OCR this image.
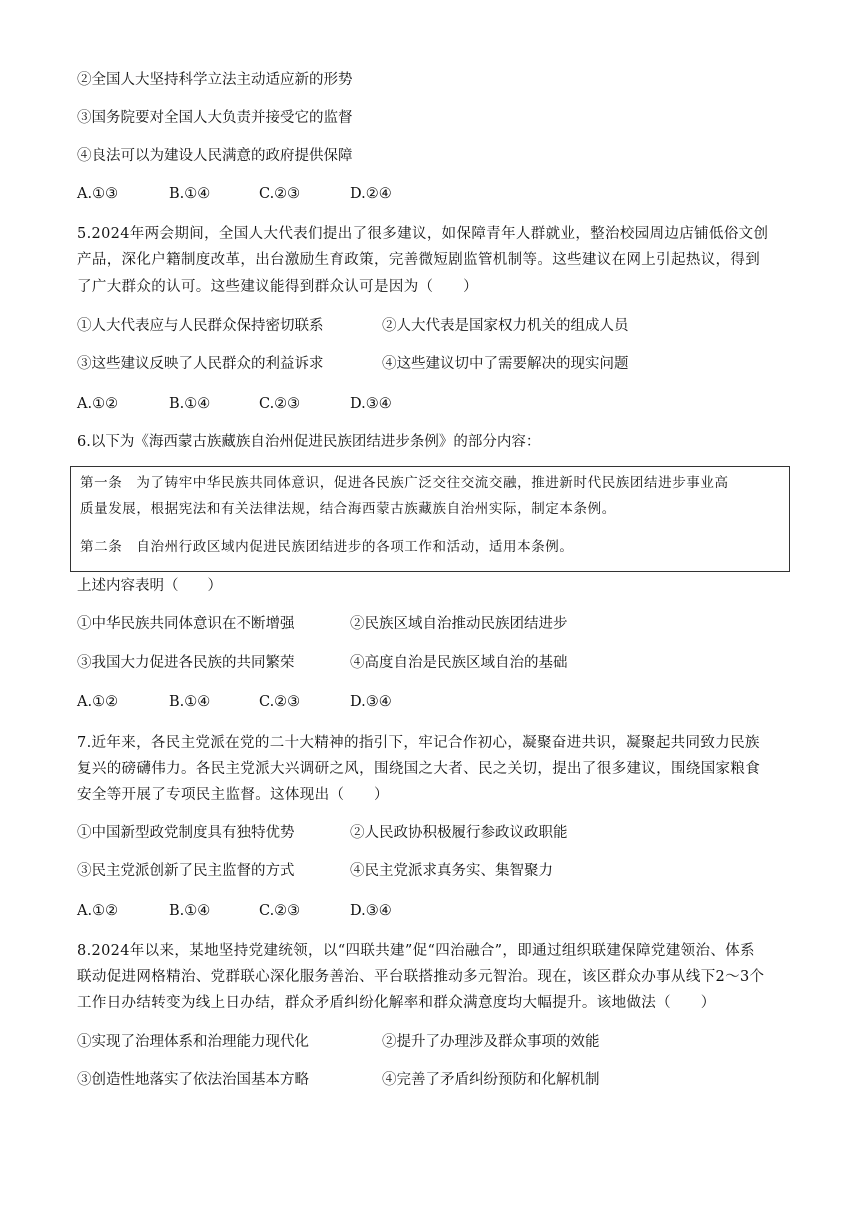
②全国人大坚持科学立法主动适应新的形势
③国务院要对全国人大负责并接受它的监督
④良法可以为建设人民满意的政府提供保障
A.①③	B.①④	C.②③	D.②④
5.2024年两会期间，全国人大代表们提出了很多建议，如保障青年人群就业，整治校园周边店铺低俗文创
产品，深化户籍制度改革，出台激励生育政策，完善微短剧监管机制等。这些建议在网上引起热议，得到
了广大群众的认可。这些建议能得到群众认可是因为（　　）
①人大代表应与人民群众保持密切联系	②人大代表是国家权力机关的组成人员
③这些建议反映了人民群众的利益诉求	④这些建议切中了需要解决的现实问题
A.①②	B.①④	C.②③	D.③④
6.以下为《海西蒙古族藏族自治州促进民族团结进步条例》的部分内容：
第一条　为了铸牢中华民族共同体意识，促进各民族广泛交往交流交融，推进新时代民族团结进步事业高
质量发展，根据宪法和有关法律法规，结合海西蒙古族藏族自治州实际，制定本条例。
第二条　自治州行政区域内促进民族团结进步的各项工作和活动，适用本条例。
上述内容表明（　　）
①中华民族共同体意识在不断增强	②民族区域自治推动民族团结进步
③我国大力促进各民族的共同繁荣	④高度自治是民族区域自治的基础
A.①②	B.①④	C.②③	D.③④
7.近年来，各民主党派在党的二十大精神的指引下，牢记合作初心，凝聚奋进共识，凝聚起共同致力民族
复兴的磅礴伟力。各民主党派大兴调研之风，围绕国之大者、民之关切，提出了很多建议，围绕国家粮食
安全等开展了专项民主监督。这体现出（　　）
①中国新型政党制度具有独特优势	②人民政协积极履行参政议政职能
③民主党派创新了民主监督的方式	④民主党派求真务实、集智聚力
A.①②	B.①④	C.②③	D.③④
8.2024年以来，某地坚持党建统领，以“四联共建”促“四治融合”，即通过组织联建保障党建领治、体系
联动促进网格精治、党群联心深化服务善治、平台联搭推动多元智治。现在，该区群众办事从线下2～3个
工作日办结转变为线上日办结，群众矛盾纠纷化解率和群众满意度均大幅提升。该地做法（　　）
①实现了治理体系和治理能力现代化	②提升了办理涉及群众事项的效能
③创造性地落实了依法治国基本方略	④完善了矛盾纠纷预防和化解机制
